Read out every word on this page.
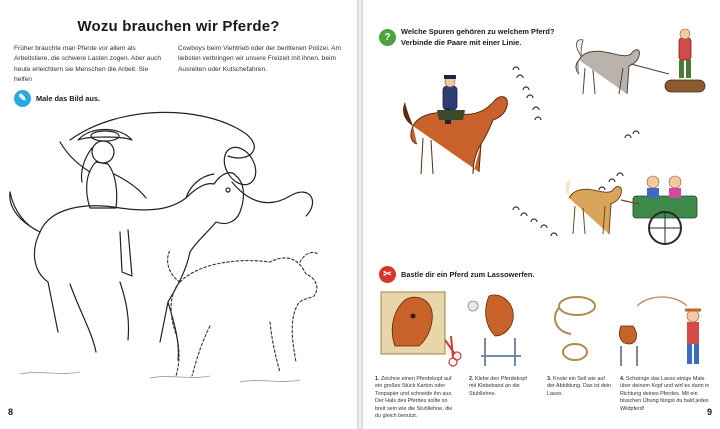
Wozu brauchen wir Pferde?
Früher brauchte man Pferde vor allem als Arbeitstiere, die schwere Lasten zogen. Aber auch heute erleichtern sie Menschen die Arbeit. Sie helfen
Cowboys beim Viehtrieb oder der berittenen Polizei. Am liebsten verbringen wir unsere Freizeit mit ihnen, beim Ausreiten oder Kutschefahren.
✎	Male das Bild aus.
8
?	Welche Spuren gehören zu welchem Pferd?
Verbinde die Paare mit einer Linie.
✂	Bastle dir ein Pferd zum Lassowerfen.
1. Zeichne einen Pferdekopf auf ein großes Stück Karton oder Tonpapier und schneide ihn aus. Der Hals des Pferdes sollte so breit sein wie die Stuhllehne, die du gleich benutzt.
2. Klebe den Pferdekopf mit Klebeband an die Stuhllehne.
3. Knote ein Seil wie auf der Abbildung. Das ist dein Lasso.
4. Schwinge das Lasso einige Male über deinem Kopf und wirf es dann in Richtung deines Pferdes. Mit ein bisschen Übung fängst du bald jedes Wildpferd!	9
